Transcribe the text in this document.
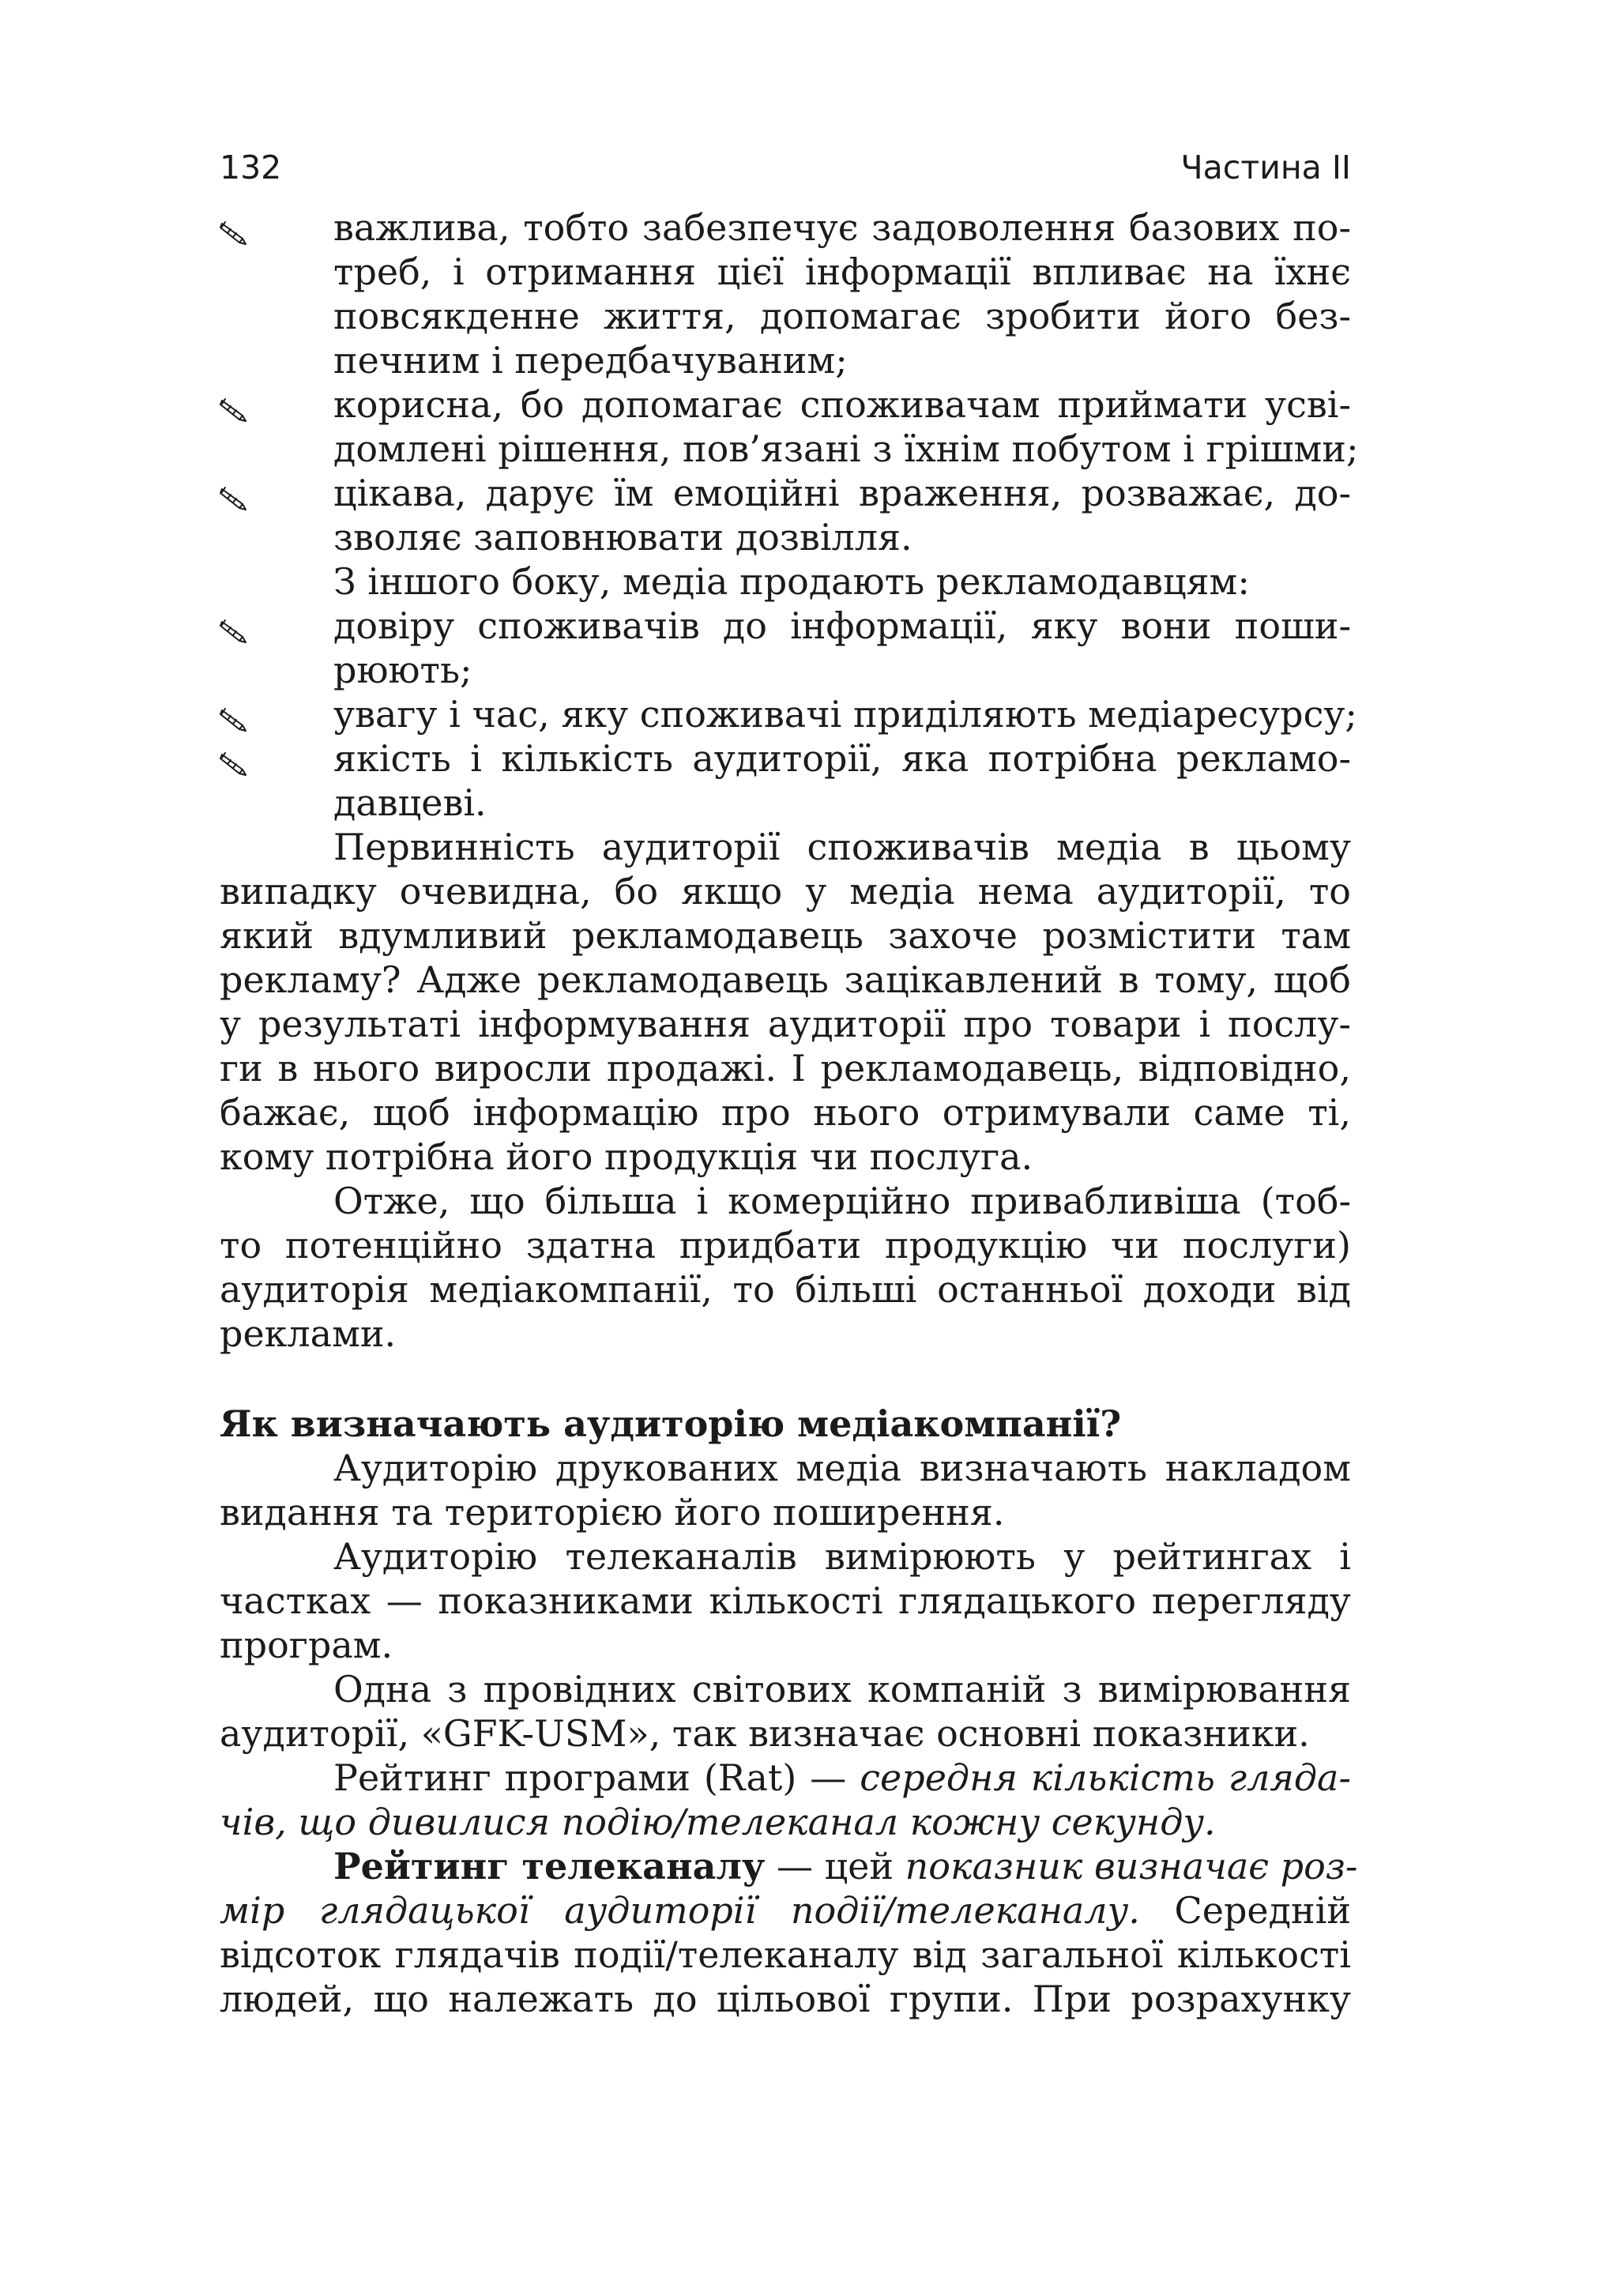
132	Частина II
важлива, тобто забезпечує задоволення базових по-
треб, і отримання цієї інформації впливає на їхнє
повсякденне життя, допомагає зробити його без-
печним і передбачуваним;
корисна, бо допомагає споживачам приймати усві-
домлені рішення, пов’язані з їхнім побутом і грішми;
цікава, дарує їм емоційні враження, розважає, до-
зволяє заповнювати дозвілля.
З іншого боку, медіа продають рекламодавцям:
довіру споживачів до інформації, яку вони поши-
рюють;
увагу і час, яку споживачі приділяють медіаресурсу;
якість і кількість аудиторії, яка потрібна рекламо-
давцеві.
Первинність аудиторії споживачів медіа в цьому
випадку очевидна, бо якщо у медіа нема аудиторії, то
який вдумливий рекламодавець захоче розмістити там
рекламу? Адже рекламодавець зацікавлений в тому, щоб
у результаті інформування аудиторії про товари і послу-
ги в нього виросли продажі. І рекламодавець, відповідно,
бажає, щоб інформацію про нього отримували саме ті,
кому потрібна його продукція чи послуга.
Отже, що більша і комерційно привабливіша (тоб-
то потенційно здатна придбати продукцію чи послуги)
аудиторія медіакомпанії, то більші останньої доходи від
реклами.
Як визначають аудиторію медіакомпанії?
Аудиторію друкованих медіа визначають накладом
видання та територією його поширення.
Аудиторію телеканалів вимірюють у рейтингах і
частках — показниками кількості глядацького перегляду
програм.
Одна з провідних світових компаній з вимірювання
аудиторії, «GFK-USM», так визначає основні показники.
Рейтинг програми (Rat) — середня кількість гляда-
чів, що дивилися подію/телеканал кожну секунду.
Рейтинг телеканалу — цей показник визначає роз-
мір глядацької аудиторії події/телеканалу. Середній
відсоток глядачів події/телеканалу від загальної кількості
людей, що належать до цільової групи. При розрахунку
